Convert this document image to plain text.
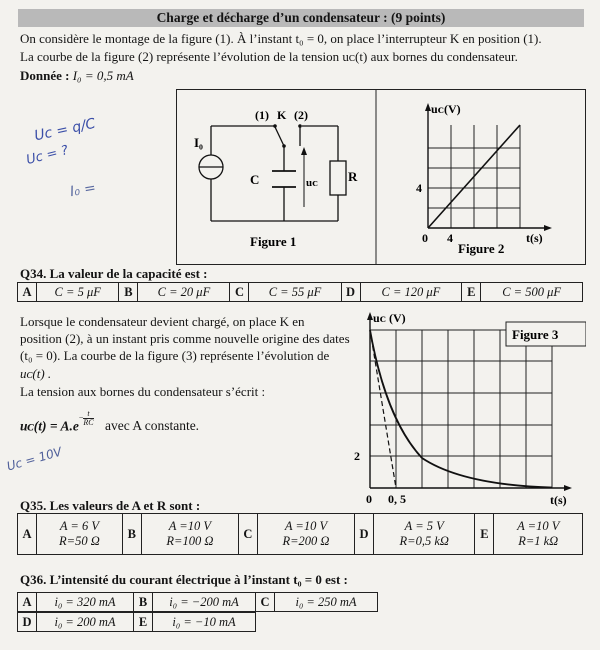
Charge et décharge d’un condensateur : (9 points)
On considère le montage de la figure (1). À l’instant t₀ = 0, on place l’interrupteur K en position (1).
La courbe de la figure (2) représente l’évolution de la tension uᴄ(t) aux bornes du condensateur.
Donnée : I₀ = 0,5 mA
Uc = q/C
Uc = ?
I₀ =
Uc = 10V
I₀
(1) K (2)
C	uᴄ R
Figure 1
uᴄ(V)
t(s)
4
4
0
Figure 2
Q34. La valeur de la capacité est :
A	C = 5 μF	B	C = 20 μF	C	C = 55 μF	D	C = 120 μF	E	C = 500 μF
Lorsque le condensateur devient chargé, on place K en
position (2), à un instant pris comme nouvelle origine des dates
(t₀ = 0). La courbe de la figure (3) représente l’évolution de
uᴄ(t) .
La tension aux bornes du condensateur s’écrit :
uᴄ(t) = $A.e- \frac{t}{RC}$ avec A constante.
Figure 3
uᴄ (V)
t(s)
2
0, 5
0
Q35. Les valeurs de A et R sont :
A	
A = 6 V
R=50 Ω
	B	
A =10 V
R=100 Ω
	C	
A =10 V
R=200 Ω
	D	
A = 5 V
R=0,5 kΩ
	E	
A =10 V
R=1 kΩ
Q36. L’intensité du courant électrique à l’instant t₀ = 0 est :
A	i₀ = 320 mA	B	i₀ = −200 mA	C	i₀ = 250 mA
D	i₀ = 200 mA	E	i₀ = −10 mA
